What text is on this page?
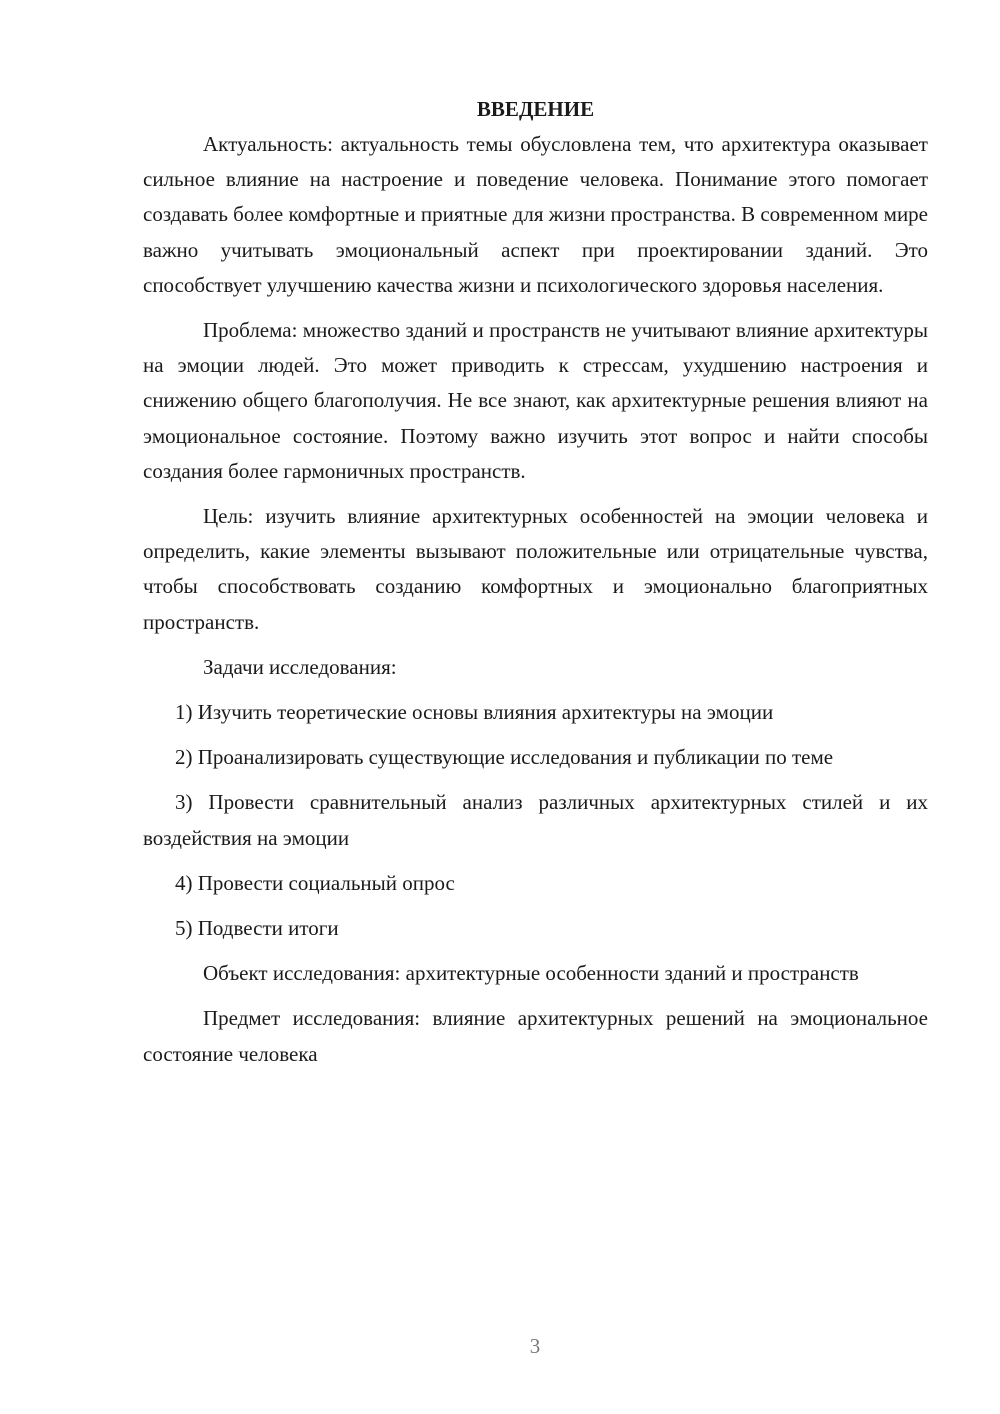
ВВЕДЕНИЕ

Актуальность: актуальность темы обусловлена тем, что архитектура оказывает сильное влияние на настроение и поведение человека. Понимание этого помогает создавать более комфортные и приятные для жизни пространства. В современном мире важно учитывать эмоциональный аспект при проектировании зданий. Это способствует улучшению качества жизни и психологического здоровья населения.

Проблема: множество зданий и пространств не учитывают влияние архитектуры на эмоции людей. Это может приводить к стрессам, ухудшению настроения и снижению общего благополучия. Не все знают, как архитектурные решения влияют на эмоциональное состояние. Поэтому важно изучить этот вопрос и найти способы создания более гармоничных пространств.

Цель: изучить влияние архитектурных особенностей на эмоции человека и определить, какие элементы вызывают положительные или отрицательные чувства, чтобы способствовать созданию комфортных и эмоционально благоприятных пространств.

Задачи исследования:

1) Изучить теоретические основы влияния архитектуры на эмоции

2) Проанализировать существующие исследования и публикации по теме

3) Провести сравнительный анализ различных архитектурных стилей и их воздействия на эмоции

4) Провести социальный опрос

5) Подвести итоги

Объект исследования: архитектурные особенности зданий и пространств

Предмет исследования: влияние архитектурных решений на эмоциональное состояние человека

3
